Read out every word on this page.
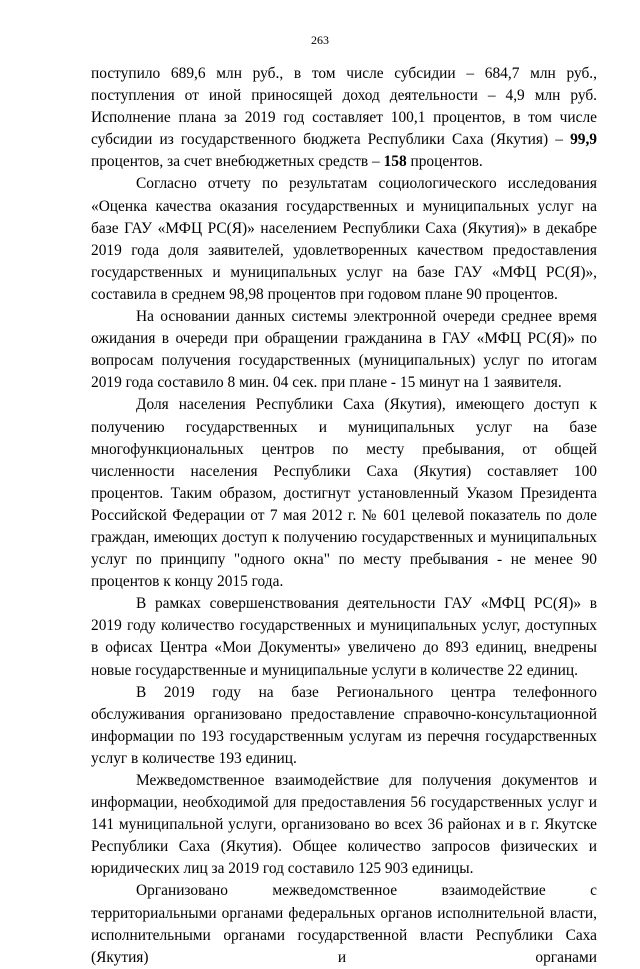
263

поступило 689,6 млн руб., в том числе субсидии – 684,7 млн руб., поступления от иной приносящей доход деятельности – 4,9 млн руб. Исполнение плана за 2019 год составляет 100,1 процентов, в том числе субсидии из государственного бюджета Республики Саха (Якутия) – 99,9 процентов, за счет внебюджетных средств – 158 процентов.

Согласно отчету по результатам социологического исследования «Оценка качества оказания государственных и муниципальных услуг на базе ГАУ «МФЦ РС(Я)» населением Республики Саха (Якутия)» в декабре 2019 года доля заявителей, удовлетворенных качеством предоставления государственных и муниципальных услуг на базе ГАУ «МФЦ РС(Я)», составила в среднем 98,98 процентов при годовом плане 90 процентов.

На основании данных системы электронной очереди среднее время ожидания в очереди при обращении гражданина в ГАУ «МФЦ РС(Я)» по вопросам получения государственных (муниципальных) услуг по итогам 2019 года составило 8 мин. 04 сек. при плане - 15 минут на 1 заявителя.

Доля населения Республики Саха (Якутия), имеющего доступ к получению государственных и муниципальных услуг на базе многофункциональных центров по месту пребывания, от общей численности населения Республики Саха (Якутия) составляет 100 процентов. Таким образом, достигнут установленный Указом Президента Российской Федерации от 7 мая 2012 г. № 601 целевой показатель по доле граждан, имеющих доступ к получению государственных и муниципальных услуг по принципу "одного окна" по месту пребывания - не менее 90 процентов к концу 2015 года.

В рамках совершенствования деятельности ГАУ «МФЦ РС(Я)» в 2019 году количество государственных и муниципальных услуг, доступных в офисах Центра «Мои Документы» увеличено до 893 единиц, внедрены новые государственные и муниципальные услуги в количестве 22 единиц.

В 2019 году на базе Регионального центра телефонного обслуживания организовано предоставление справочно-консультационной информации по 193 государственным услугам из перечня государственных услуг в количестве 193 единиц.

Межведомственное взаимодействие для получения документов и информации, необходимой для предоставления 56 государственных услуг и 141 муниципальной услуги, организовано во всех 36 районах и в г. Якутске Республики Саха (Якутия). Общее количество запросов физических и юридических лиц за 2019 год составило 125 903 единицы.

Организовано межведомственное взаимодействие с территориальными органами федеральных органов исполнительной власти, исполнительными органами государственной власти Республики Саха (Якутия) и органами
